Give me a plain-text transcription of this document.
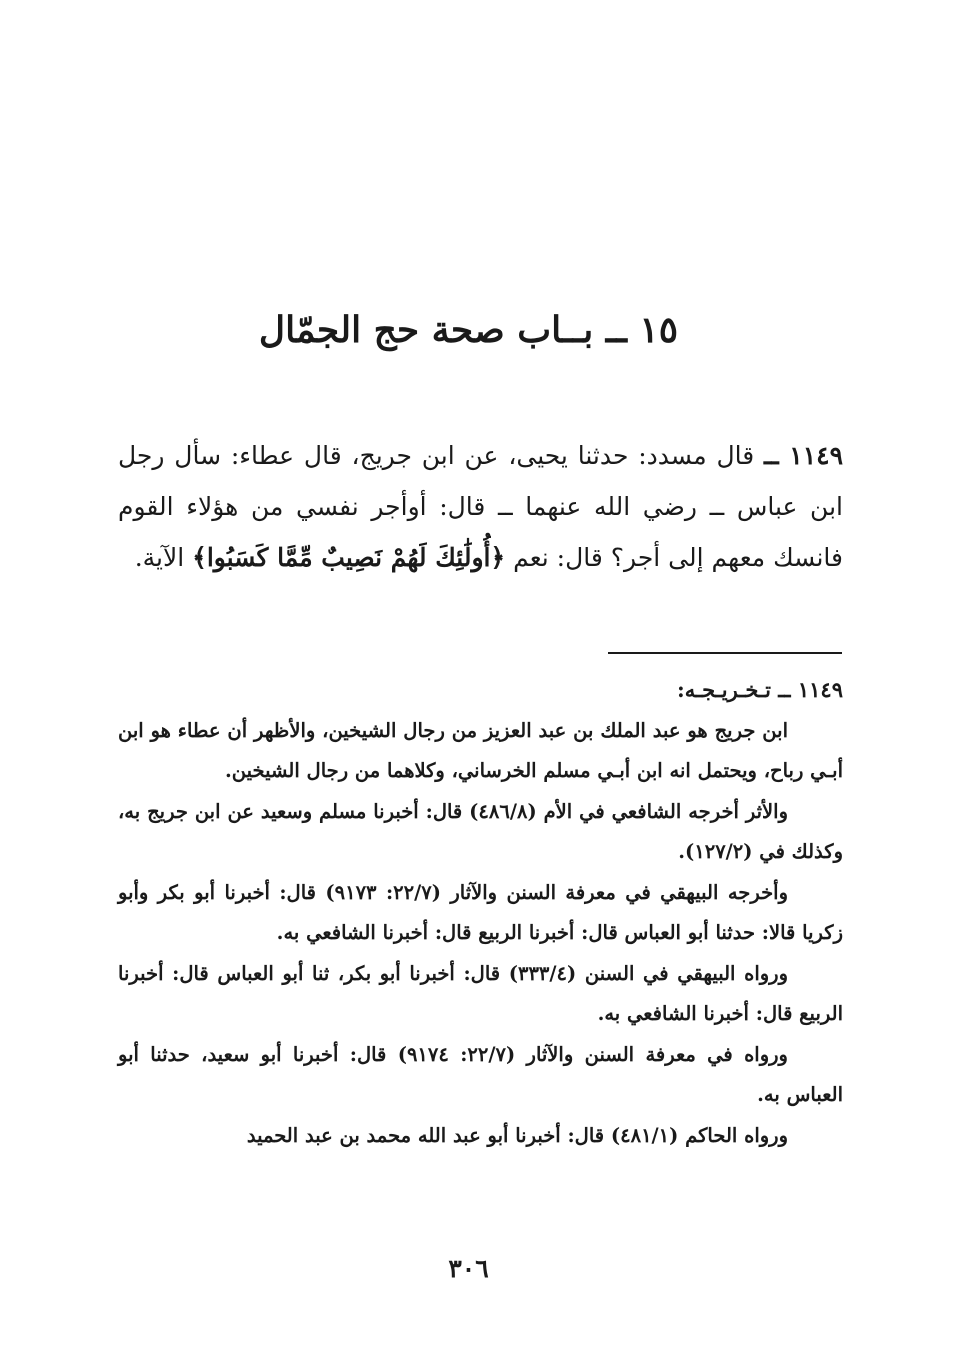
١٥ ــ بــاب صحة حج الجمّال
١١٤٩ ــ قال مسدد: حدثنا يحيى، عن ابن جريج، قال عطاء: سأل رجل ابن عباس ــ رضي الله عنهما ــ قال: أوأجر نفسي من هؤلاء القوم فانسك معهم إلى أجر؟ قال: نعم ﴿أُولَٰئِكَ لَهُمْ نَصِيبٌ مِّمَّا كَسَبُوا﴾ الآية.
١١٤٩ ــ تـخـريـجـه:

ابن جريج هو عبد الملك بن عبد العزيز من رجال الشيخين، والأظهر أن عطاء هو ابن أبـي رباح، ويحتمل انه ابن أبـي مسلم الخرساني، وكلاهما من رجال الشيخين.

والأثر أخرجه الشافعي في الأم (٤٨٦/٨) قال: أخبرنا مسلم وسعيد عن ابن جريج به، وكذلك في (١٢٧/٢).

وأخرجه البيهقي في معرفة السنن والآثار (٢٢/٧: ٩١٧٣) قال: أخبرنا أبو بكر وأبو زكريا قالا: حدثنا أبو العباس قال: أخبرنا الربيع قال: أخبرنا الشافعي به.

ورواه البيهقي في السنن (٣٣٣/٤) قال: أخبرنا أبو بكر، ثنا أبو العباس قال: أخبرنا الربيع قال: أخبرنا الشافعي به.

ورواه في معرفة السنن والآثار (٢٢/٧: ٩١٧٤) قال: أخبرنا أبو سعيد، حدثنا أبو العباس به.

ورواه الحاكم (٤٨١/١) قال: أخبرنا أبو عبد الله محمد بن عبد الحميد

٣٠٦
